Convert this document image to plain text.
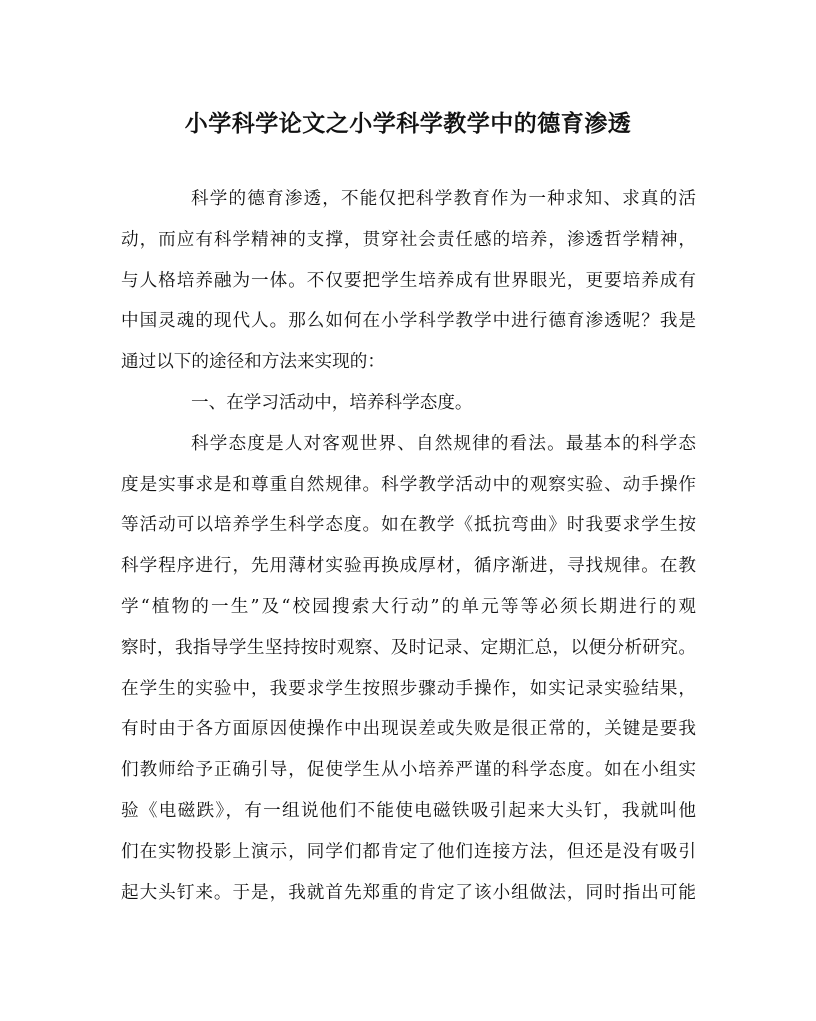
小学科学论文之小学科学教学中的德育渗透
科学的德育渗透，不能仅把科学教育作为一种求知、求真的活
动，而应有科学精神的支撑，贯穿社会责任感的培养，渗透哲学精神，
与人格培养融为一体。不仅要把学生培养成有世界眼光，更要培养成有
中国灵魂的现代人。那么如何在小学科学教学中进行德育渗透呢？我是
通过以下的途径和方法来实现的：
一、在学习活动中，培养科学态度。
科学态度是人对客观世界、自然规律的看法。最基本的科学态
度是实事求是和尊重自然规律。科学教学活动中的观察实验、动手操作
等活动可以培养学生科学态度。如在教学《抵抗弯曲》时我要求学生按
科学程序进行，先用薄材实验再换成厚材，循序渐进，寻找规律。在教
学“植物的一生”及“校园搜索大行动”的单元等等必须长期进行的观
察时，我指导学生坚持按时观察、及时记录、定期汇总，以便分析研究。
在学生的实验中，我要求学生按照步骤动手操作，如实记录实验结果，
有时由于各方面原因使操作中出现误差或失败是很正常的，关键是要我
们教师给予正确引导，促使学生从小培养严谨的科学态度。如在小组实
验《电磁跌》，有一组说他们不能使电磁铁吸引起来大头钉，我就叫他
们在实物投影上演示，同学们都肯定了他们连接方法，但还是没有吸引
起大头钉来。于是，我就首先郑重的肯定了该小组做法，同时指出可能
